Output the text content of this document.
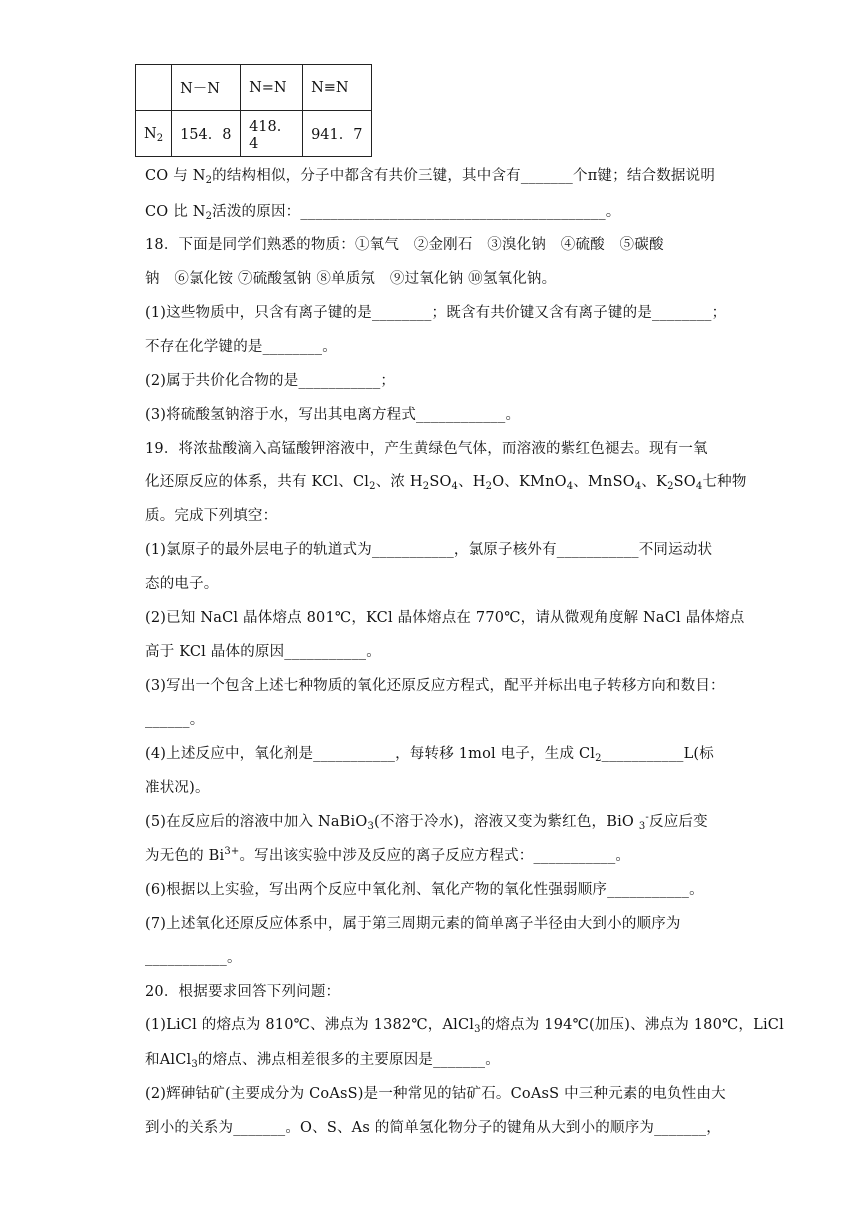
	N－N	N=N	N≡N
$N_2$	154．8	418．4	941．7
CO 与 $N_2$的结构相似，分子中都含有共价三键，其中含有_______个π键；结合数据说明
CO 比 $N_2$活泼的原因：_________________________________________。
18．下面是同学们熟悉的物质：①氧气　②金刚石　③溴化钠　④硫酸　⑤碳酸
钠　⑥氯化铵 ⑦硫酸氢钠 ⑧单质氖　⑨过氧化钠 ⑩氢氧化钠。
(1)这些物质中，只含有离子键的是________；既含有共价键又含有离子键的是________；
不存在化学键的是________。
(2)属于共价化合物的是___________；
(3)将硫酸氢钠溶于水，写出其电离方程式____________。
19．将浓盐酸滴入高锰酸钾溶液中，产生黄绿色气体，而溶液的紫红色褪去。现有一氧
化还原反应的体系，共有 KCl、$Cl_2$、浓 $H_2SO_4$、$H_2O$、KMnO$_4$、MnSO$_4$、$K_2SO_4$七种物
质。完成下列填空：
(1)氯原子的最外层电子的轨道式为___________，氯原子核外有___________不同运动状
态的电子。
(2)已知 NaCl 晶体熔点 801℃，KCl 晶体熔点在 770℃，请从微观角度解 NaCl 晶体熔点
高于 KCl 晶体的原因___________。
(3)写出一个包含上述七种物质的氧化还原反应方程式，配平并标出电子转移方向和数目：
______。
(4)上述反应中，氧化剂是___________，每转移 1mol 电子，生成 $Cl_2\_\_\_\_\_\_\_\_\_\_\_L$(标
准状况)。
(5)在反应后的溶液中加入 NaBiO$_3$(不溶于冷水)，溶液又变为紫红色，BiO $_3$-反应后变
为无色的 $Bi^{3+}$。写出该实验中涉及反应的离子反应方程式：___________。
(6)根据以上实验，写出两个反应中氧化剂、氧化产物的氧化性强弱顺序___________。
(7)上述氧化还原反应体系中，属于第三周期元素的简单离子半径由大到小的顺序为
___________。
20．根据要求回答下列问题：
(1)LiCl 的熔点为 810℃、沸点为 1382℃，AlCl$_3$的熔点为 194℃(加压)、沸点为 180℃，LiCl
和AlCl$_3$的熔点、沸点相差很多的主要原因是_______。
(2)辉砷钴矿(主要成分为 CoAsS)是一种常见的钴矿石。CoAsS 中三种元素的电负性由大
到小的关系为_______。O、S、As 的简单氢化物分子的键角从大到小的顺序为_______，
